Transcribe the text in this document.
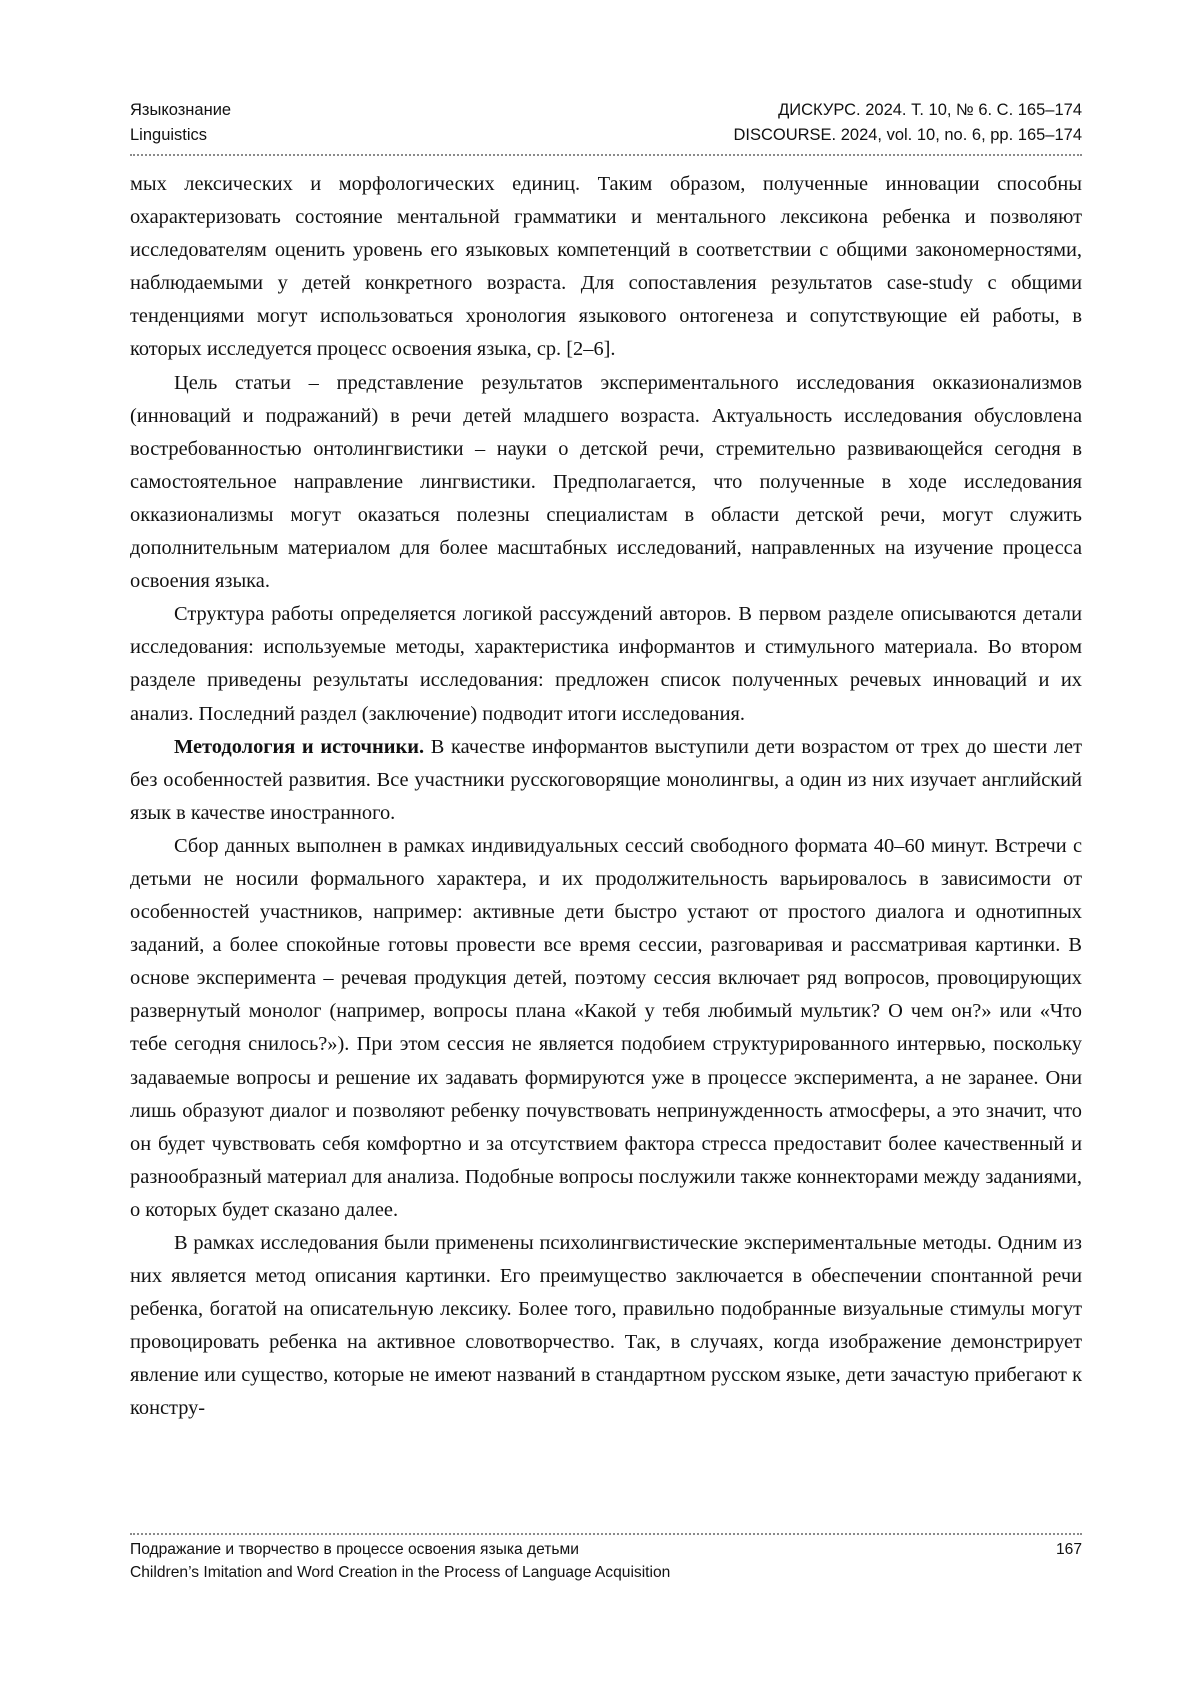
Языкознание	ДИСКУРС. 2024. Т. 10, № 6. С. 165–174
Linguistics	DISCOURSE. 2024, vol. 10, no. 6, pp. 165–174

мых лексических и морфологических единиц. Таким образом, полученные инновации способны охарактеризовать состояние ментальной грамматики и ментального лексикона ребенка и позволяют исследователям оценить уровень его языковых компетенций в соответствии с общими закономерностями, наблюдаемыми у детей конкретного возраста. Для сопоставления результатов case-study с общими тенденциями могут использоваться хронология языкового онтогенеза и сопутствующие ей работы, в которых исследуется процесс освоения языка, ср. [2–6].

Цель статьи – представление результатов экспериментального исследования окказионализмов (инноваций и подражаний) в речи детей младшего возраста. Актуальность исследования обусловлена востребованностью онтолингвистики – науки о детской речи, стремительно развивающейся сегодня в самостоятельное направление лингвистики. Предполагается, что полученные в ходе исследования окказионализмы могут оказаться полезны специалистам в области детской речи, могут служить дополнительным материалом для более масштабных исследований, направленных на изучение процесса освоения языка.

Структура работы определяется логикой рассуждений авторов. В первом разделе описываются детали исследования: используемые методы, характеристика информантов и стимульного материала. Во втором разделе приведены результаты исследования: предложен список полученных речевых инноваций и их анализ. Последний раздел (заключение) подводит итоги исследования.

Методология и источники. В качестве информантов выступили дети возрастом от трех до шести лет без особенностей развития. Все участники русскоговорящие монолингвы, а один из них изучает английский язык в качестве иностранного.

Сбор данных выполнен в рамках индивидуальных сессий свободного формата 40–60 минут. Встречи с детьми не носили формального характера, и их продолжительность варьировалось в зависимости от особенностей участников, например: активные дети быстро устают от простого диалога и однотипных заданий, а более спокойные готовы провести все время сессии, разговаривая и рассматривая картинки. В основе эксперимента – речевая продукция детей, поэтому сессия включает ряд вопросов, провоцирующих развернутый монолог (например, вопросы плана «Какой у тебя любимый мультик? О чем он?» или «Что тебе сегодня снилось?»). При этом сессия не является подобием структурированного интервью, поскольку задаваемые вопросы и решение их задавать формируются уже в процессе эксперимента, а не заранее. Они лишь образуют диалог и позволяют ребенку почувствовать непринужденность атмосферы, а это значит, что он будет чувствовать себя комфортно и за отсутствием фактора стресса предоставит более качественный и разнообразный материал для анализа. Подобные вопросы послужили также коннекторами между заданиями, о которых будет сказано далее.

В рамках исследования были применены психолингвистические экспериментальные методы. Одним из них является метод описания картинки. Его преимущество заключается в обеспечении спонтанной речи ребенка, богатой на описательную лексику. Более того, правильно подобранные визуальные стимулы могут провоцировать ребенка на активное словотворчество. Так, в случаях, когда изображение демонстрирует явление или существо, которые не имеют названий в стандартном русском языке, дети зачастую прибегают к констру-

Подражание и творчество в процессе освоения языка детьми	167
Children’s Imitation and Word Creation in the Process of Language Acquisition
